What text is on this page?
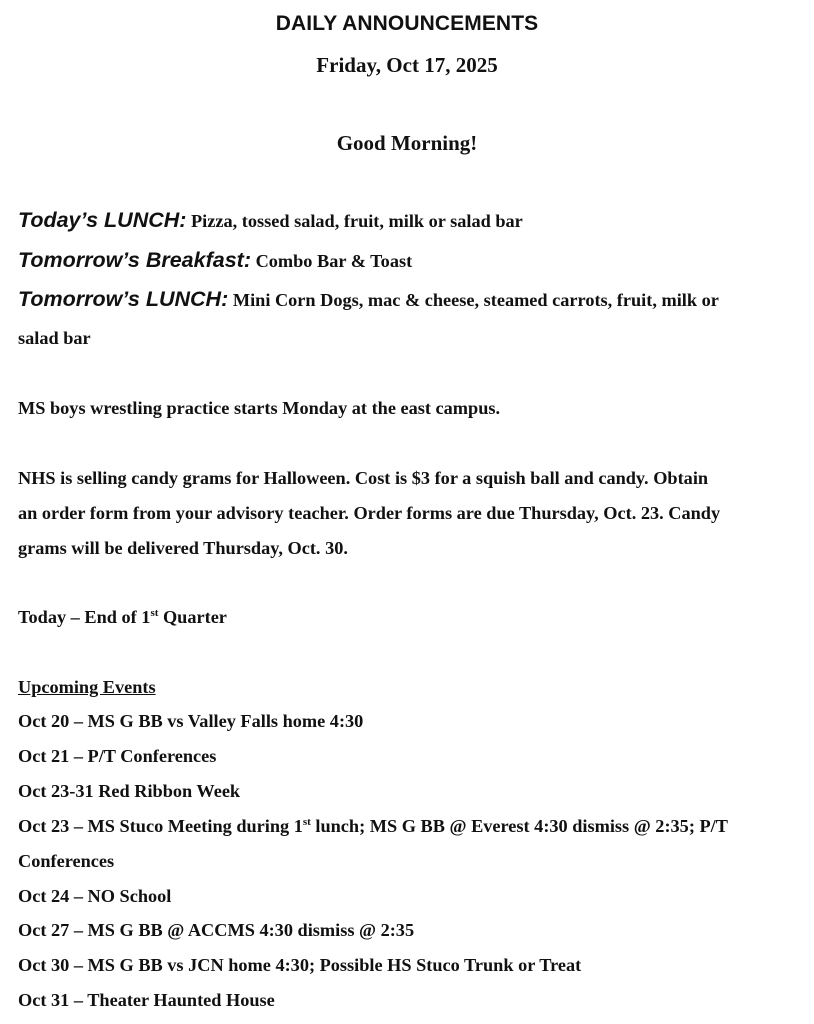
DAILY ANNOUNCEMENTS
Friday, Oct 17, 2025
Good Morning!
Today’s LUNCH: Pizza, tossed salad, fruit, milk or salad bar
Tomorrow’s Breakfast: Combo Bar & Toast
Tomorrow’s LUNCH: Mini Corn Dogs, mac & cheese, steamed carrots, fruit, milk or
salad bar
MS boys wrestling practice starts Monday at the east campus.
NHS is selling candy grams for Halloween. Cost is $3 for a squish ball and candy. Obtain
an order form from your advisory teacher. Order forms are due Thursday, Oct. 23. Candy
grams will be delivered Thursday, Oct. 30.
Today – End of 1st Quarter
Upcoming Events
Oct 20 – MS G BB vs Valley Falls home 4:30
Oct 21 – P/T Conferences
Oct 23-31 Red Ribbon Week
Oct 23 – MS Stuco Meeting during 1st lunch; MS G BB @ Everest 4:30 dismiss @ 2:35; P/T
Conferences
Oct 24 – NO School
Oct 27 – MS G BB @ ACCMS 4:30 dismiss @ 2:35
Oct 30 – MS G BB vs JCN home 4:30; Possible HS Stuco Trunk or Treat
Oct 31 – Theater Haunted House
